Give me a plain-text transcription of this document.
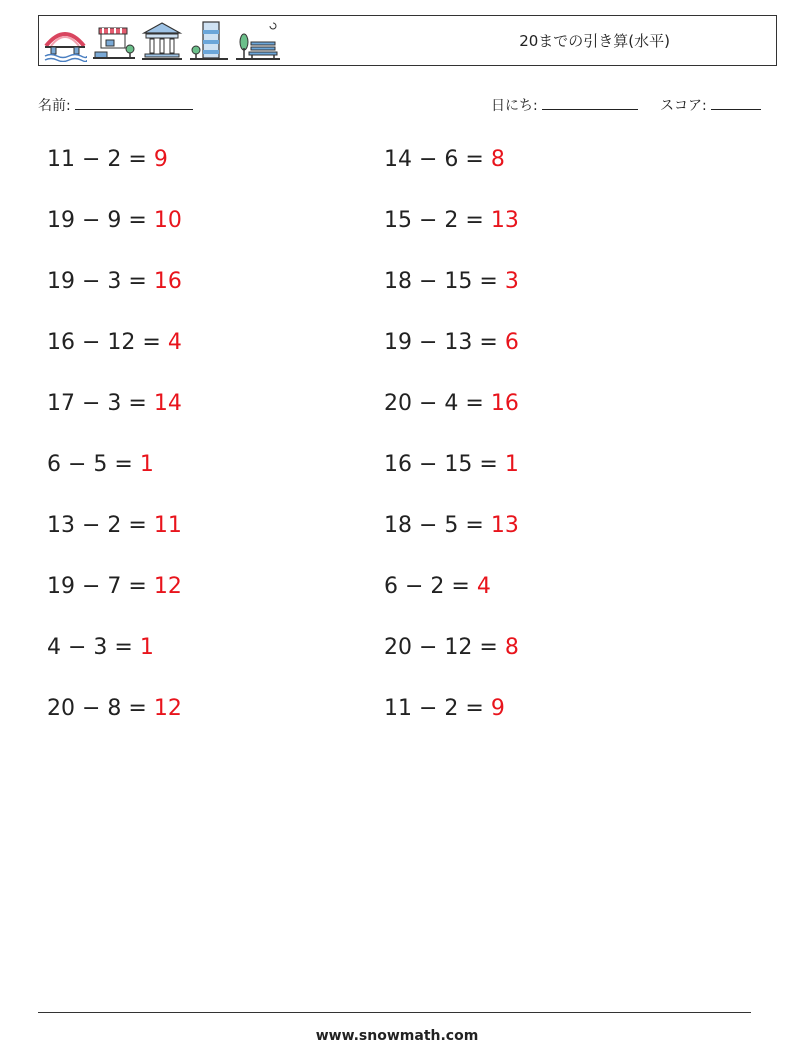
20までの引き算(水平)
名前:	日にち:	スコア:
11 − 2 = 9	14 − 6 = 8
19 − 9 = 10	15 − 2 = 13
19 − 3 = 16	18 − 15 = 3
16 − 12 = 4	19 − 13 = 6
17 − 3 = 14	20 − 4 = 16
6 − 5 = 1	16 − 15 = 1
13 − 2 = 11	18 − 5 = 13
19 − 7 = 12	6 − 2 = 4
4 − 3 = 1	20 − 12 = 8
20 − 8 = 12	11 − 2 = 9
www.snowmath.com
